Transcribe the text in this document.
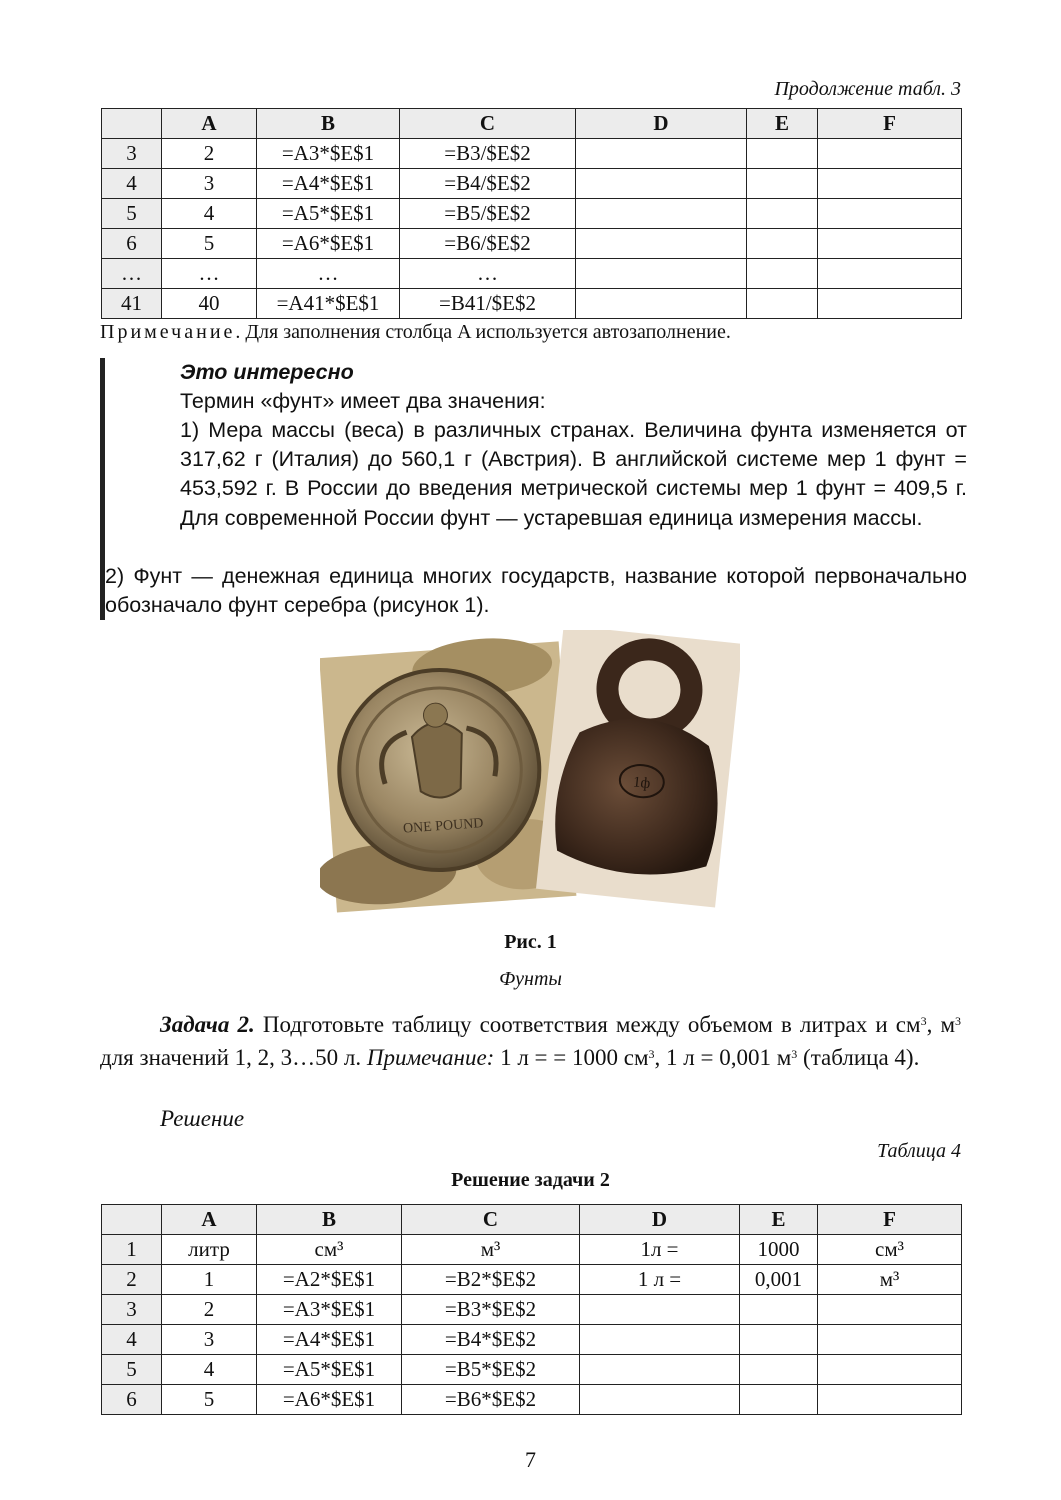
Продолжение табл. 3
	A	B	C	D	E	F
3	2	=A3*$E$1	=B3/$E$2			
4	3	=A4*$E$1	=B4/$E$2			
5	4	=A5*$E$1	=B5/$E$2			
6	5	=A6*$E$1	=B6/$E$2			
…	…	…	…			
41	40	=A41*$E$1	=B41/$E$2			
Примечание. Для заполнения столбца A используется автозаполнение.
Это интересно
Термин «фунт» имеет два значения:
1) Мера массы (веса) в различных странах. Величина фунта изменяется от 317,62 г (Италия) до 560,1 г (Австрия). В английской системе мер 1 фунт = 453,592 г. В России до введения метрической системы мер 1 фунт = 409,5 г. Для современной России фунт — устаревшая единица измерения массы.
2) Фунт — денежная единица многих государств, название которой первоначально обозначало фунт серебра (рисунок 1).
ONE POUND
1ф
Рис. 1
Фунты
Задача 2. Подготовьте таблицу соответствия между объемом в литрах и $см^3$, $м^3$ для значений 1, 2, 3…50 л. Примечание: 1 л = = 1000 $см^3$, 1 л = 0,001 $м^3$ (таблица 4).
Решение
Таблица 4
Решение задачи 2
	A	B	C	D	E	F
1	литр	см³	м³	1л =	1000	см³
2	1	=A2*$E$1	=B2*$E$2	1 л =	0,001	м³
3	2	=A3*$E$1	=B3*$E$2			
4	3	=A4*$E$1	=B4*$E$2			
5	4	=A5*$E$1	=B5*$E$2			
6	5	=A6*$E$1	=B6*$E$2			
7
